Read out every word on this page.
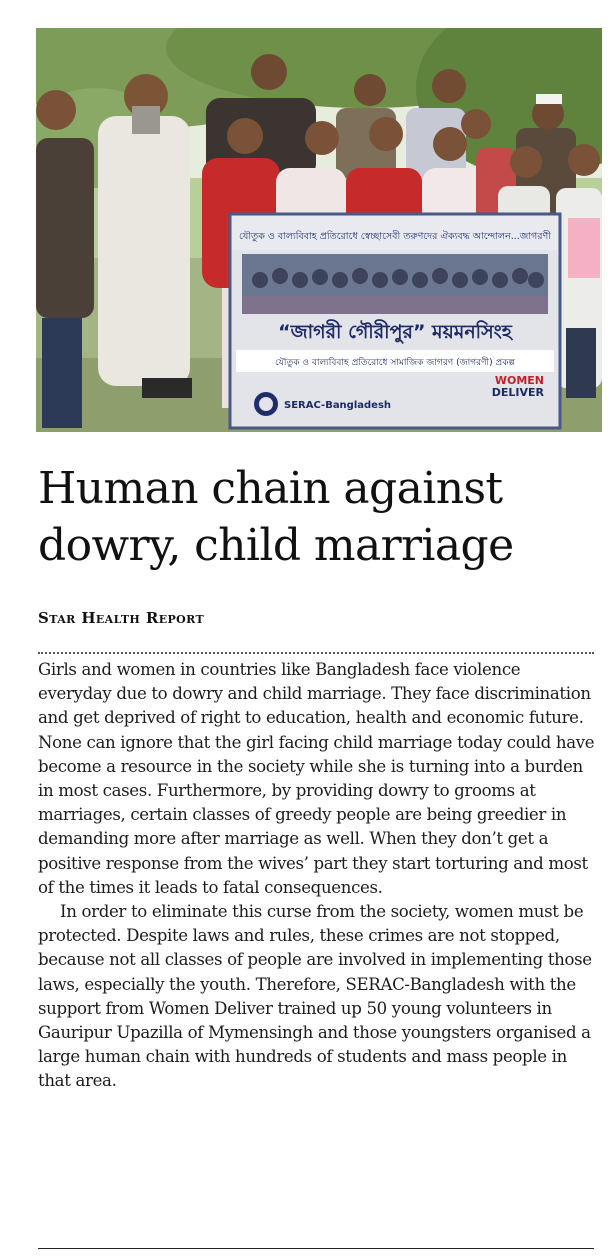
যৌতুক ও বাল্যবিবাহ প্রতিরোধে স্বেচ্ছাসেবী তরুণদের ঐক্যবদ্ধ আন্দোলন...জাগরণী
“জাগরী গৌরীপুর” ময়মনসিংহ
যৌতুক ও বাল্যবিবাহ প্রতিরোধে সামাজিক জাগরণ (জাগরণী) প্রকল্প
SERAC-Bangladesh
WOMEN
DELIVER
Human chain against dowry, child marriage
Star Health Report

Girls and women in countries like Bangladesh face violence everyday due to dowry and child marriage. They face discrimination and get deprived of right to education, health and economic future. None can ignore that the girl facing child marriage today could have become a resource in the society while she is turning into a burden in most cases. Furthermore, by providing dowry to grooms at marriages, certain classes of greedy people are being greedier in demanding more after marriage as well. When they don’t get a positive response from the wives’ part they start torturing and most of the times it leads to fatal consequences.

In order to eliminate this curse from the society, women must be protected. Despite laws and rules, these crimes are not stopped, because not all classes of people are involved in implementing those laws, especially the youth. Therefore, SERAC-Bangladesh with the support from Women Deliver trained up 50 young volunteers in Gauripur Upazilla of Mymensingh and those youngsters organised a large human chain with hundreds of students and mass people in that area.
